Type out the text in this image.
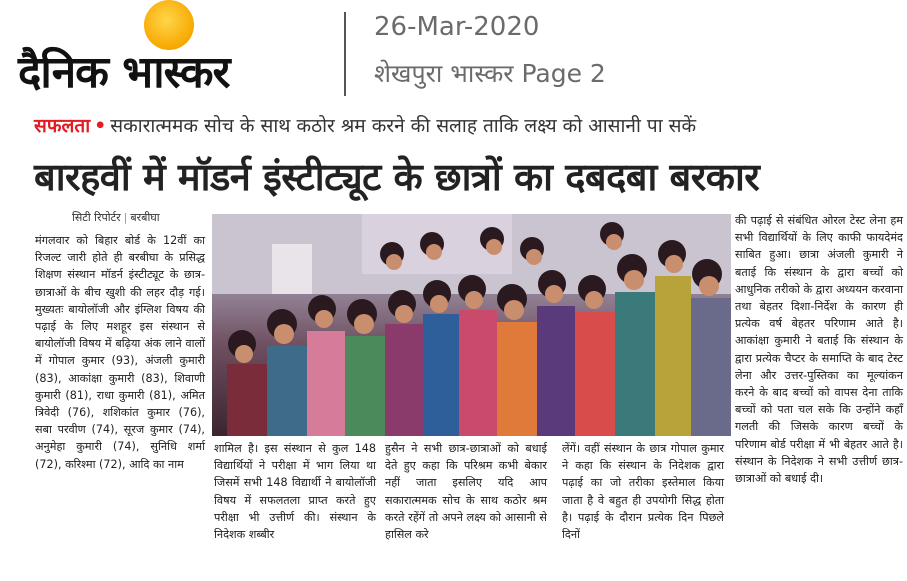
दैनिक भास्कर
26-Mar-2020
शेखपुरा भास्कर Page 2
सफलता • सकारात्ममक सोच के साथ कठोर श्रम करने की सलाह ताकि लक्ष्य को आसानी पा सकें
बारहवीं में मॉडर्न इंस्टीट्यूट के छात्रों का दबदबा बरकार
सिटी रिपोर्टर | बरबीघा
मंगलवार को बिहार बोर्ड के 12वीं का रिजल्ट जारी होते ही बरबीघा के प्रसिद्ध शिक्षण संस्थान मॉडर्न इंस्टीट्यूट के छात्र-छात्राओं के बीच खुशी की लहर दौड़ गई। मुख्यतः बायोलॉजी और इंग्लिश विषय की पढ़ाई के लिए मशहूर इस संस्थान से बायोलॉजी विषय में बढ़िया अंक लाने वालों में गोपाल कुमार (93), अंजली कुमारी (83), आकांक्षा कुमारी (83), शिवाणी कुमारी (81), राधा कुमारी (81), अमित त्रिवेदी (76), शशिकांत कुमार (76), सबा परवीण (74), सूरज कुमार (74), अनुमेहा कुमारी (74), सुनिधि शर्मा (72), करिश्मा (72), आदि का नाम
शामिल है। इस संस्थान से कुल 148 विद्यार्थियों ने परीक्षा में भाग लिया था जिसमें सभी 148 विद्यार्थी ने बायोलॉजी विषय में सफलतला प्राप्त करते हुए परीक्षा भी उत्तीर्ण की। संस्थान के निदेशक शब्बीर
हुसैन ने सभी छात्र-छात्राओं को बधाई देते हुए कहा कि परिश्रम कभी बेकार नहीं जाता इसलिए यदि आप सकारात्ममक सोच के साथ कठोर श्रम करते रहेंगें तो अपने लक्ष्य को आसानी से हासिल करे
लेंगें। वहीं संस्थान के छात्र गोपाल कुमार ने कहा कि संस्थान के निदेशक द्वारा पढ़ाई का जो तरीका इस्तेमाल किया जाता है वे बहुत ही उपयोगी सिद्ध होता है। पढ़ाई के दौरान प्रत्येक दिन पिछले दिनों
की पढ़ाई से संबंधित ओरल टेस्ट लेना हम सभी विद्यार्थियों के लिए काफी फायदेमंद साबित हुआ। छात्रा अंजली कुमारी ने बताई कि संस्थान के द्वारा बच्चों को आधुनिक तरीको के द्वारा अध्ययन करवाना तथा बेहतर दिशा-निर्देश के कारण ही प्रत्येक वर्ष बेहतर परिणाम आते है। आकांक्षा कुमारी ने बताई कि संस्थान के द्वारा प्रत्येक चैप्टर के समाप्ति के बाद टेस्ट लेना और उत्तर-पुस्तिका का मूल्यांकन करने के बाद बच्चों को वापस देना ताकि बच्चों को पता चल सके कि उन्होंने कहाँ गलती की जिसके कारण बच्चों के परिणाम बोर्ड परीक्षा में भी बेहतर आते है। संस्थान के निदेशक ने सभी उत्तीर्ण छात्र-छात्राओं को बधाई दी।
